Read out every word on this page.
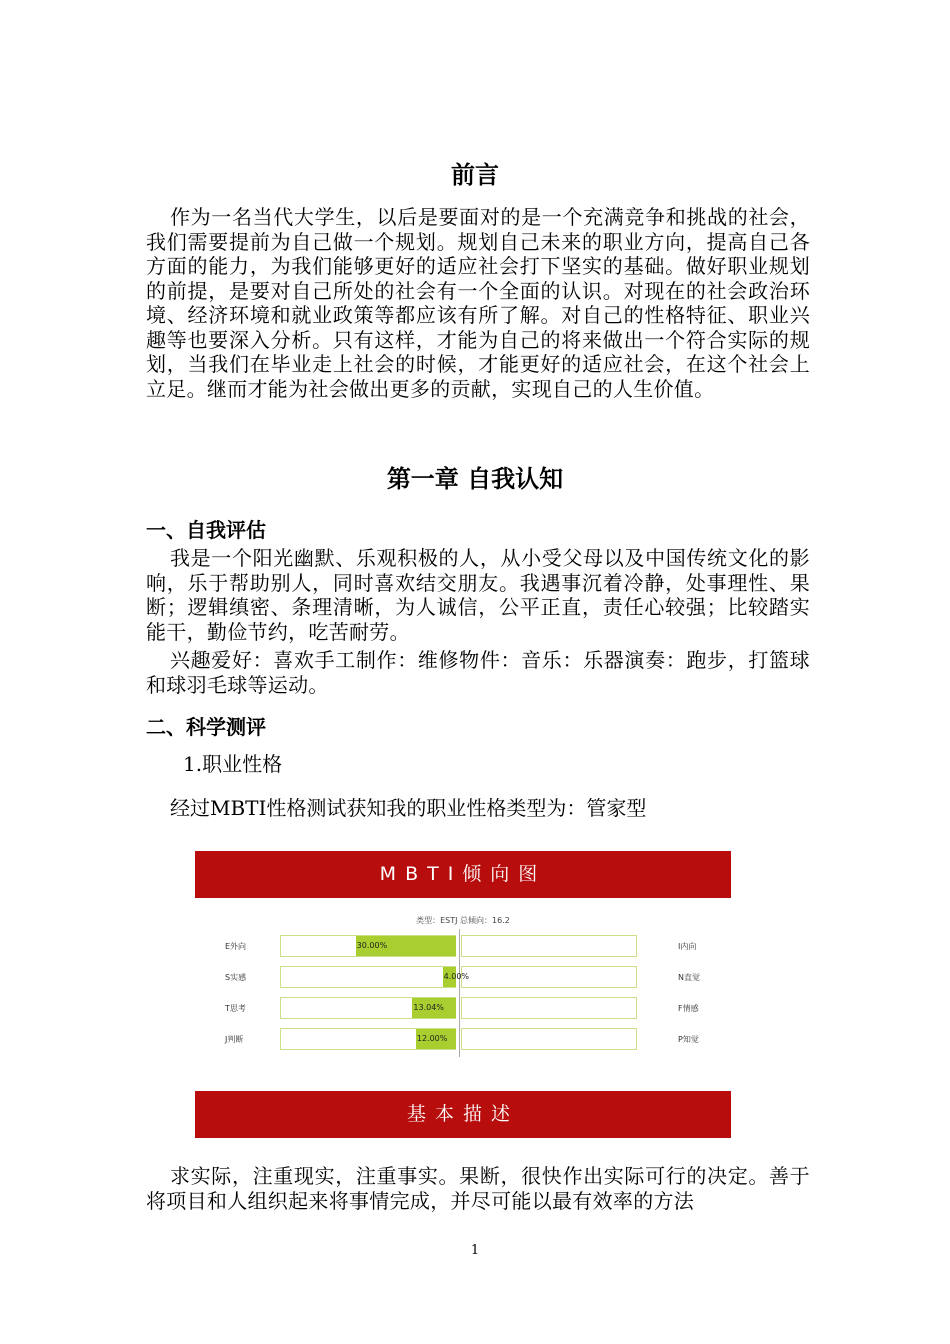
前言
作为一名当代大学生，以后是要面对的是一个充满竞争和挑战的社会，我们需要提前为自己做一个规划。规划自己未来的职业方向，提高自己各方面的能力，为我们能够更好的适应社会打下坚实的基础。做好职业规划的前提，是要对自己所处的社会有一个全面的认识。对现在的社会政治环境、经济环境和就业政策等都应该有所了解。对自己的性格特征、职业兴趣等也要深入分析。只有这样，才能为自己的将来做出一个符合实际的规划，当我们在毕业走上社会的时候，才能更好的适应社会，在这个社会上立足。继而才能为社会做出更多的贡献，实现自己的人生价值。
第一章 自我认知
一、自我评估
我是一个阳光幽默、乐观积极的人，从小受父母以及中国传统文化的影响，乐于帮助别人，同时喜欢结交朋友。我遇事沉着冷静，处事理性、果断；逻辑缜密、条理清晰，为人诚信，公平正直，责任心较强；比较踏实能干，勤俭节约，吃苦耐劳。
兴趣爱好：喜欢手工制作：维修物件：音乐：乐器演奏：跑步，打篮球和球羽毛球等运动。
二、科学测评
1.职业性格
经过MBTI性格测试获知我的职业性格类型为：管家型
MBTI倾向图
类型：ESTJ 总倾向：16.2
E外向	30.00%	I内向
S实感	4.00%	N直觉
T思考	13.04%	F情感
J判断	12.00%	P知觉
基本描述
求实际，注重现实，注重事实。果断，很快作出实际可行的决定。善于将项目和人组织起来将事情完成，并尽可能以最有效率的方法
1
